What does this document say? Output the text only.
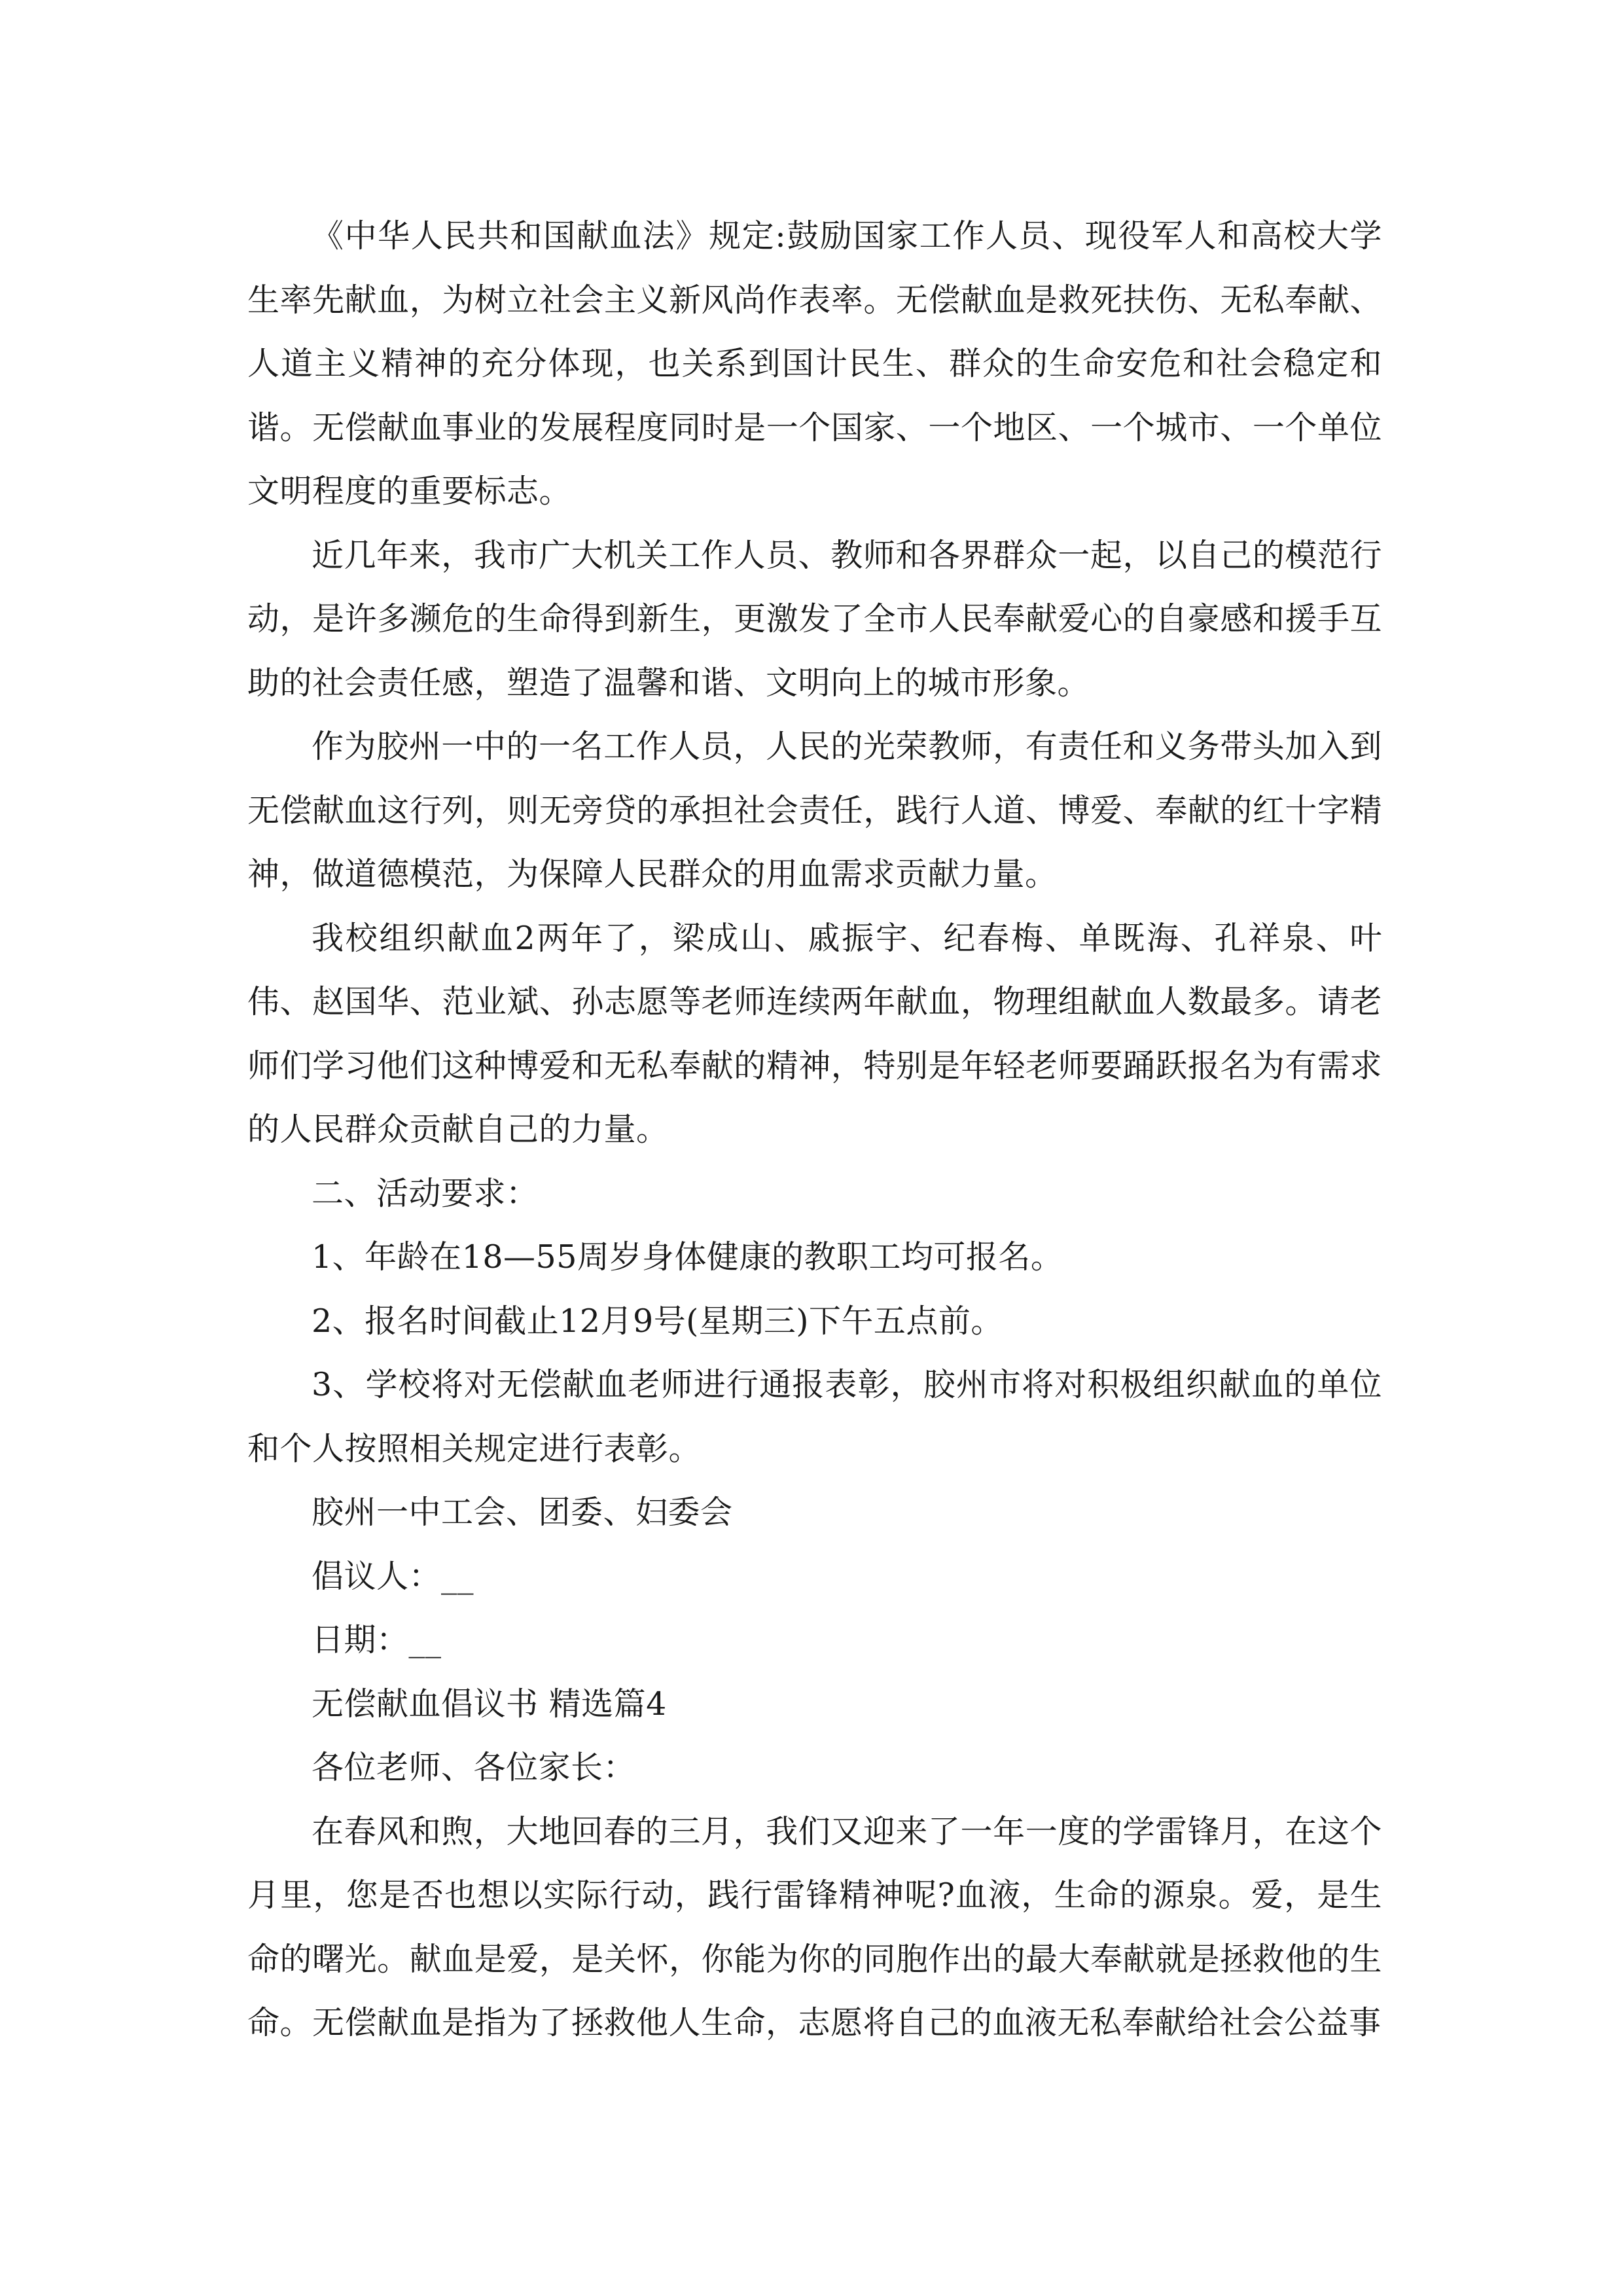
《中华人民共和国献血法》规定:鼓励国家工作人员、现役军人和高校大学生率先献血，为树立社会主义新风尚作表率。无偿献血是救死扶伤、无私奉献、人道主义精神的充分体现，也关系到国计民生、群众的生命安危和社会稳定和谐。无偿献血事业的发展程度同时是一个国家、一个地区、一个城市、一个单位文明程度的重要标志。

近几年来，我市广大机关工作人员、教师和各界群众一起，以自己的模范行动，是许多濒危的生命得到新生，更激发了全市人民奉献爱心的自豪感和援手互助的社会责任感，塑造了温馨和谐、文明向上的城市形象。

作为胶州一中的一名工作人员，人民的光荣教师，有责任和义务带头加入到无偿献血这行列，则无旁贷的承担社会责任，践行人道、博爱、奉献的红十字精神，做道德模范，为保障人民群众的用血需求贡献力量。

我校组织献血2两年了，梁成山、戚振宇、纪春梅、单既海、孔祥泉、叶伟、赵国华、范业斌、孙志愿等老师连续两年献血，物理组献血人数最多。请老师们学习他们这种博爱和无私奉献的精神，特别是年轻老师要踊跃报名为有需求的人民群众贡献自己的力量。

二、活动要求：

1、年龄在18—55周岁身体健康的教职工均可报名。

2、报名时间截止12月9号(星期三)下午五点前。

3、学校将对无偿献血老师进行通报表彰，胶州市将对积极组织献血的单位和个人按照相关规定进行表彰。

胶州一中工会、团委、妇委会

倡议人：__

日期：__

无偿献血倡议书 精选篇4

各位老师、各位家长：

在春风和煦，大地回春的三月，我们又迎来了一年一度的学雷锋月，在这个月里，您是否也想以实际行动，践行雷锋精神呢?血液，生命的源泉。爱，是生命的曙光。献血是爱，是关怀，你能为你的同胞作出的最大奉献就是拯救他的生命。无偿献血是指为了拯救他人生命，志愿将自己的血液无私奉献给社会公益事
